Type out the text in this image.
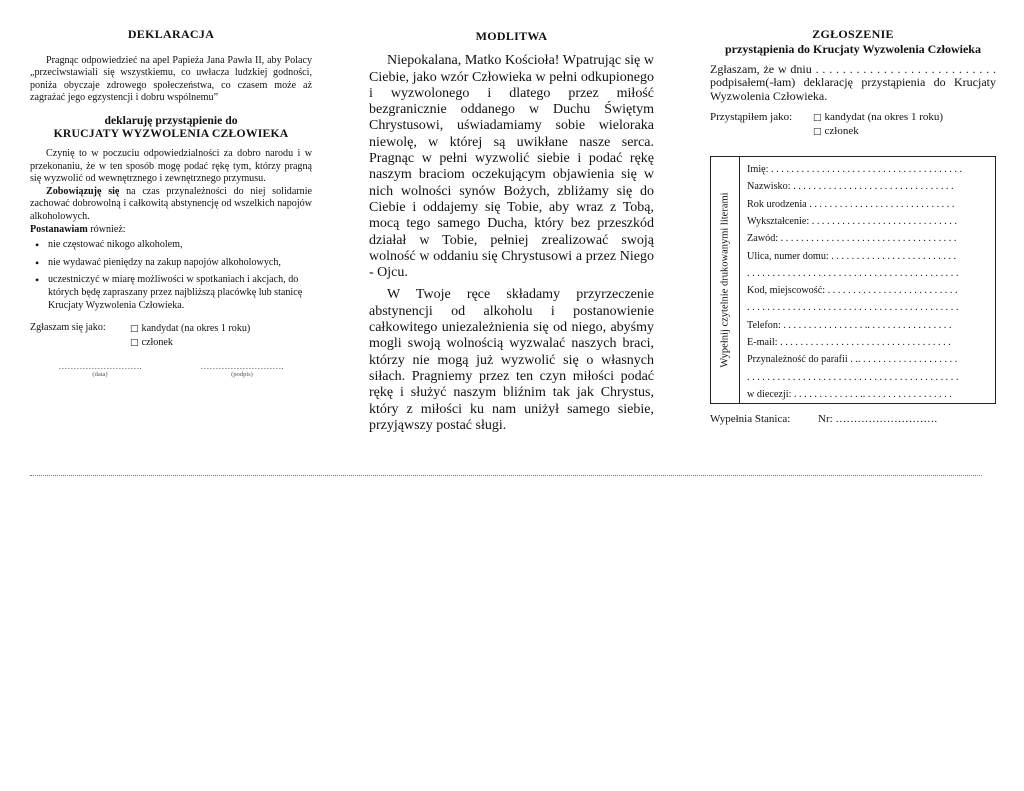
DEKLARACJA

Pragnąc odpowiedzieć na apel Papieża Jana Pawła II, aby Polacy „przeciwstawiali się wszystkiemu, co uwłacza ludzkiej godności, poniża obyczaje zdrowego społeczeństwa, co czasem może aż zagrażać jego egzystencji i dobru wspólnemu”

deklaruję przystąpienie do
KRUCJATY WYZWOLENIA CZŁOWIEKA

Czynię to w poczuciu odpowiedzialności za dobro narodu i w przekonaniu, że w ten sposób mogę podać rękę tym, którzy pragną się wyzwolić od wewnętrznego i zewnętrznego przymusu.

Zobowiązuję się na czas przynależności do niej solidarnie zachować dobrowolną i całkowitą abstynencję od wszelkich napojów alkoholowych.

Postanawiam również:

• nie częstować nikogo alkoholem,
• nie wydawać pieniędzy na zakup napojów alkoholowych,
• uczestniczyć w miarę możliwości w spotkaniach i akcjach, do których będę zapraszany przez najbliższą placówkę lub stanicę Krucjaty Wyzwolenia Człowieka.
Zgłaszam się jako:	□ kandydat (na okres 1 roku)
□ członek
……………………….
(data)
……………………….
(podpis)
MODLITWA

Niepokalana, Matko Kościoła! Wpatrując się w Ciebie, jako wzór Człowieka w pełni odkupionego i wyzwolonego i dlatego przez miłość bezgranicznie oddanego w Duchu Świętym Chrystusowi, uświadamiamy sobie wieloraka niewolę, w której są uwikłane nasze serca. Pragnąc w pełni wyzwolić siebie i podać rękę naszym braciom oczekującym objawienia się w nich wolności synów Bożych, zbliżamy się do Ciebie i oddajemy się Tobie, aby wraz z Tobą, mocą tego samego Ducha, który bez przeszkód działał w Tobie, pełniej zrealizować swoją wolność w oddaniu się Chrystusowi a przez Niego - Ojcu.

W Twoje ręce składamy przyrzeczenie abstynencji od alkoholu i postanowienie całkowitego uniezależnienia się od niego, abyśmy mogli swoją wolnością wyzwalać naszych braci, którzy nie mogą już wyzwolić się o własnych siłach. Pragniemy przez ten czyn miłości podać rękę i służyć naszym bliźnim tak jak Chrystus, który z miłości ku nam uniżył samego siebie, przyjąwszy postać sługi.

ZGŁOSZENIE
przystąpienia do Krucjaty Wyzwolenia Człowieka

Zgłaszam, że w dniu . . . . . . . . . . . . . . . . . . . . . . . . . . . podpisałem(-łam) deklarację przystąpienia do Krucjaty Wyzwolenia Człowieka.

Przystąpiłem jako:	□ kandydat (na okres 1 roku)
□ członek
Wypełnij czytelnie drukowanymi literami
Imię: . . . . . . . . . . . . . . . . . . . . . . . . . . . . . . . . . . . . . .
Nazwisko: . . . . . . . . . . . . . . . . . . . . . . . . . . . . . . . .
Rok urodzenia . . . . . . . . . . . . . . . . . . . . . . . . . . . . .
Wykształcenie: . . . . . . . . . . . . . . . . . . . . . . . . . . . . .
Zawód: . . . . . . . . . . . . . . . . . . . . . . . . . . . . . . . . . . .
Ulica, numer domu: . . . . . . . . . . . . . . . . . . . . . . . . .
. . . . . . . . . . . . . . . . . . . . . . . . . . . . . . . . . . . . . . . . . .
Kod, miejscowość: . . . . . . . . . . . . . . . . . . . . . . . . . .
. . . . . . . . . . . . . . . . . . . . . . . . . . . . . . . . . . . . . . . . . .
Telefon: . . . . . . . . . . . . . . . . .. . . . . . . . . . . . . . . . .
E-mail: . . . . . . . . . . . . . . . . . . . . . . . . . . . . . . . . . .
Przynależność do parafii . .. . . . . . . . . . . . . . . . . . . .
. . . . . . . . . . . . . . . . . . . . . . . . . . . . . . . . . . . . . . . . . .
w diecezji: . . . . . . . . . . . . . .. . . . . . . . . . . . . . . . . .
Wypełnia Stanica:	Nr: ……………………….
